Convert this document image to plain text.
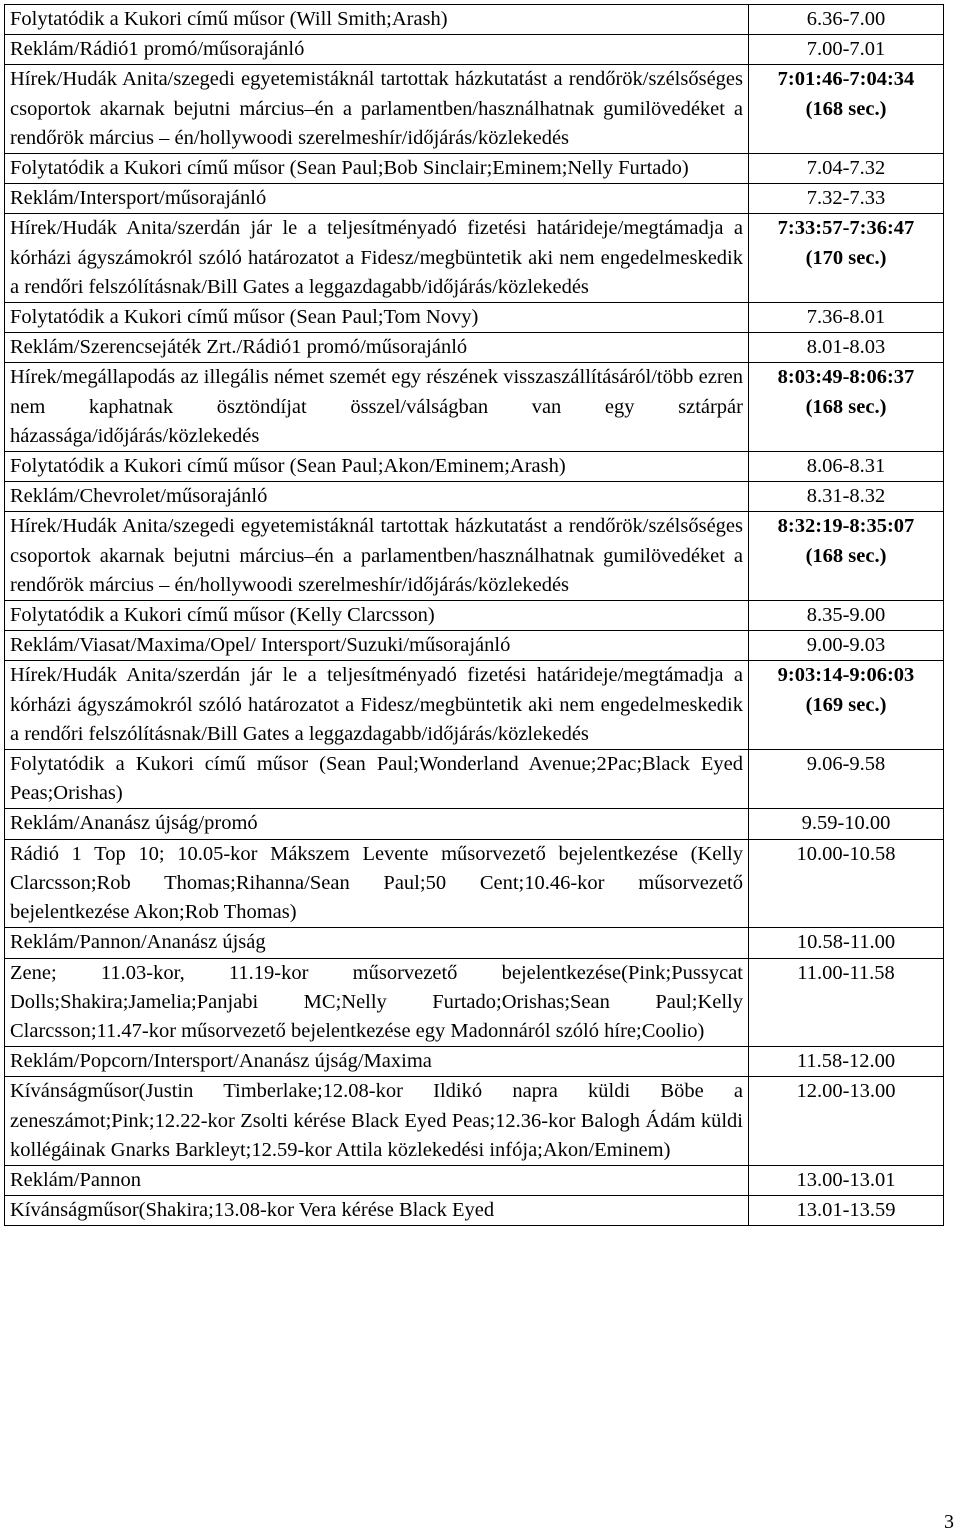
Folytatódik a Kukori című műsor (Will Smith;Arash)	6.36-7.00

Reklám/Rádió1 promó/műsorajánló	7.00-7.01

Hírek/Hudák Anita/szegedi egyetemistáknál tartottak házkutatást a rendőrök/szélsőséges csoportok akarnak bejutni március–én a parlamentben/használhatnak gumilövedéket a rendőrök március – én/hollywoodi szerelmeshír/időjárás/közlekedés	7:01:46-7:04:34
(168 sec.)

Folytatódik a Kukori című műsor (Sean Paul;Bob Sinclair;Eminem;Nelly Furtado)	7.04-7.32

Reklám/Intersport/műsorajánló	7.32-7.33

Hírek/Hudák Anita/szerdán jár le a teljesítményadó fizetési határideje/megtámadja a kórházi ágyszámokról szóló határozatot a Fidesz/megbüntetik aki nem engedelmeskedik a rendőri felszólításnak/Bill Gates a leggazdagabb/időjárás/közlekedés	7:33:57-7:36:47
(170 sec.)

Folytatódik a Kukori című műsor (Sean Paul;Tom Novy)	7.36-8.01

Reklám/Szerencsejáték Zrt./Rádió1 promó/műsorajánló	8.01-8.03

Hírek/megállapodás az illegális német szemét egy részének visszaszállításáról/több ezren nem kaphatnak ösztöndíjat összel/válságban van egy sztárpár házassága/időjárás/közlekedés	8:03:49-8:06:37
(168 sec.)

Folytatódik a Kukori című műsor (Sean Paul;Akon/Eminem;Arash)	8.06-8.31

Reklám/Chevrolet/műsorajánló	8.31-8.32

Hírek/Hudák Anita/szegedi egyetemistáknál tartottak házkutatást a rendőrök/szélsőséges csoportok akarnak bejutni március–én a parlamentben/használhatnak gumilövedéket a rendőrök március – én/hollywoodi szerelmeshír/időjárás/közlekedés	8:32:19-8:35:07
(168 sec.)

Folytatódik a Kukori című műsor (Kelly Clarcsson)	8.35-9.00

Reklám/Viasat/Maxima/Opel/ Intersport/Suzuki/műsorajánló	9.00-9.03

Hírek/Hudák Anita/szerdán jár le a teljesítményadó fizetési határideje/megtámadja a kórházi ágyszámokról szóló határozatot a Fidesz/megbüntetik aki nem engedelmeskedik a rendőri felszólításnak/Bill Gates a leggazdagabb/időjárás/közlekedés	9:03:14-9:06:03
(169 sec.)

Folytatódik a Kukori című műsor (Sean Paul;Wonderland Avenue;2Pac;Black Eyed Peas;Orishas)	9.06-9.58

Reklám/Ananász újság/promó	9.59-10.00

Rádió 1 Top 10; 10.05-kor Mákszem Levente műsorvezető bejelentkezése (Kelly Clarcsson;Rob Thomas;Rihanna/Sean Paul;50 Cent;10.46-kor műsorvezető bejelentkezése Akon;Rob Thomas)	10.00-10.58

Reklám/Pannon/Ananász újság	10.58-11.00

Zene; 11.03-kor, 11.19-kor műsorvezető bejelentkezése(Pink;Pussycat Dolls;Shakira;Jamelia;Panjabi MC;Nelly Furtado;Orishas;Sean Paul;Kelly Clarcsson;11.47-kor műsorvezető bejelentkezése egy Madonnáról szóló híre;Coolio)	11.00-11.58

Reklám/Popcorn/Intersport/Ananász újság/Maxima	11.58-12.00

Kívánságműsor(Justin Timberlake;12.08-kor Ildikó napra küldi Böbe a zeneszámot;Pink;12.22-kor Zsolti kérése Black Eyed Peas;12.36-kor Balogh Ádám küldi kollégáinak Gnarks Barkleyt;12.59-kor Attila közlekedési infója;Akon/Eminem)	12.00-13.00

Reklám/Pannon	13.00-13.01

Kívánságműsor(Shakira;13.08-kor Vera kérése Black Eyed	13.01-13.59
3
